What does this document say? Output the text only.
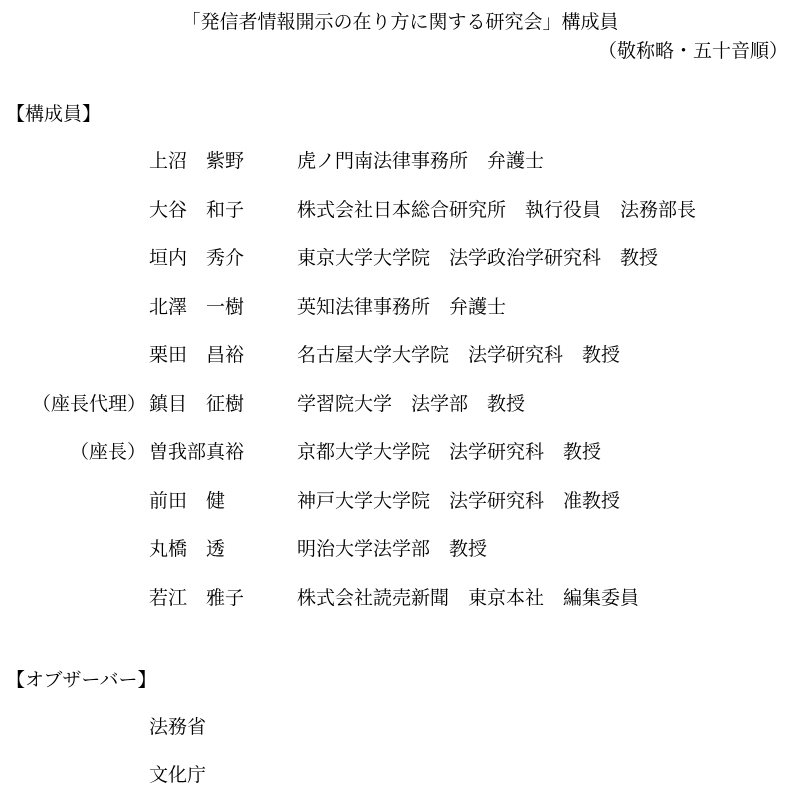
「発信者情報開示の在り方に関する研究会」構成員
（敬称略・五十音順）
【構成員】
上沼　紫野	虎ノ門南法律事務所　弁護士
大谷　和子	株式会社日本総合研究所　執行役員　法務部長
垣内　秀介	東京大学大学院　法学政治学研究科　教授
北澤　一樹	英知法律事務所　弁護士
栗田　昌裕	名古屋大学大学院　法学研究科　教授
（座長代理） 鎮目　征樹	学習院大学　法学部　教授
（座長） 曽我部真裕	京都大学大学院　法学研究科　教授
前田　健	神戸大学大学院　法学研究科　准教授
丸橋　透	明治大学法学部　教授
若江　雅子	株式会社読売新聞　東京本社　編集委員
【オブザーバー】
法務省
文化庁
